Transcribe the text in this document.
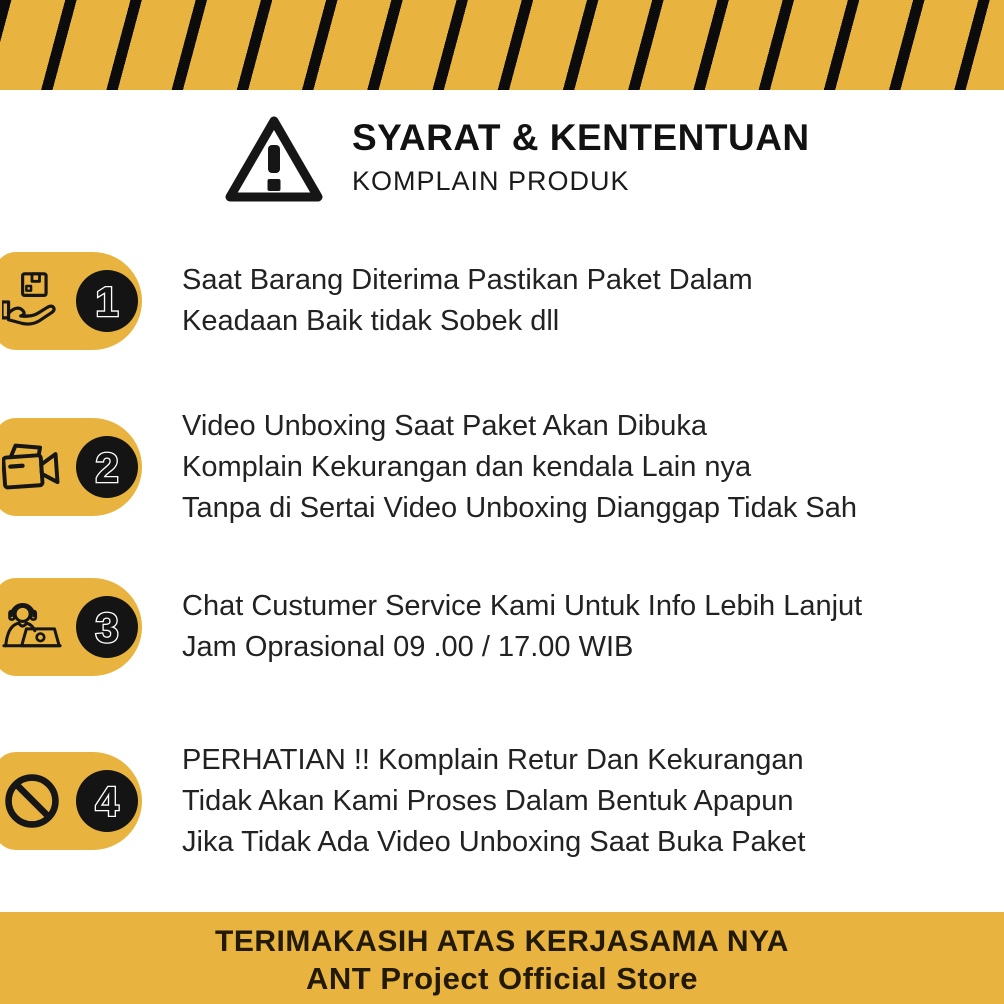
SYARAT & KENTENTUAN
KOMPLAIN PRODUK
1 Saat Barang Diterima Pastikan Paket Dalam
Keadaan Baik tidak Sobek dll
2
Video Unboxing Saat Paket Akan Dibuka
Komplain Kekurangan dan kendala Lain nya
Tanpa di Sertai Video Unboxing Dianggap Tidak Sah
3 Chat Custumer Service Kami Untuk Info Lebih Lanjut
Jam Oprasional 09 .00 / 17.00 WIB
4
PERHATIAN !! Komplain Retur Dan Kekurangan
Tidak Akan Kami Proses Dalam Bentuk Apapun
Jika Tidak Ada Video Unboxing Saat Buka Paket
TERIMAKASIH ATAS KERJASAMA NYA
ANT Project Official Store
